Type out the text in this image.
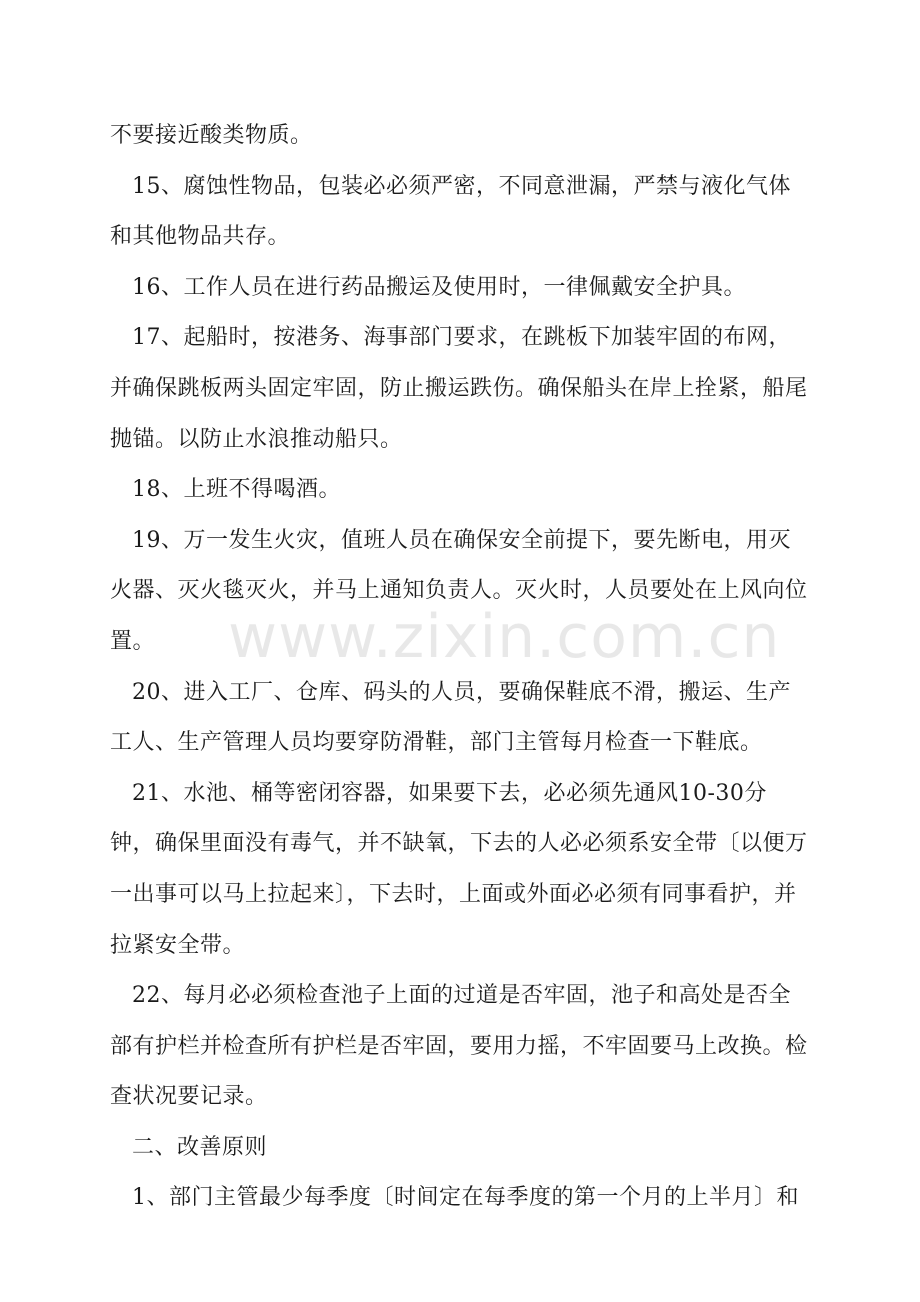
不要接近酸类物质。

15、腐蚀性物品，包装必必须严密，不同意泄漏，严禁与液化气体和其他物品共存。

16、工作人员在进行药品搬运及使用时，一律佩戴安全护具。

17、起船时，按港务、海事部门要求，在跳板下加装牢固的布网，并确保跳板两头固定牢固，防止搬运跌伤。确保船头在岸上拴紧，船尾抛锚。以防止水浪推动船只。

18、上班不得喝酒。

19、万一发生火灾，值班人员在确保安全前提下，要先断电，用灭火器、灭火毯灭火，并马上通知负责人。灭火时，人员要处在上风向位置。

20、进入工厂、仓库、码头的人员，要确保鞋底不滑，搬运、生产工人、生产管理人员均要穿防滑鞋，部门主管每月检查一下鞋底。

21、水池、桶等密闭容器，如果要下去，必必须先通风10-30分钟，确保里面没有毒气，并不缺氧，下去的人必必须系安全带〔以便万一出事可以马上拉起来〕，下去时，上面或外面必必须有同事看护，并拉紧安全带。

22、每月必必须检查池子上面的过道是否牢固，池子和高处是否全部有护栏并检查所有护栏是否牢固，要用力摇，不牢固要马上改换。检查状况要记录。

二、改善原则

1、部门主管最少每季度〔时间定在每季度的第一个月的上半月〕和

www.zixin.com.cn
